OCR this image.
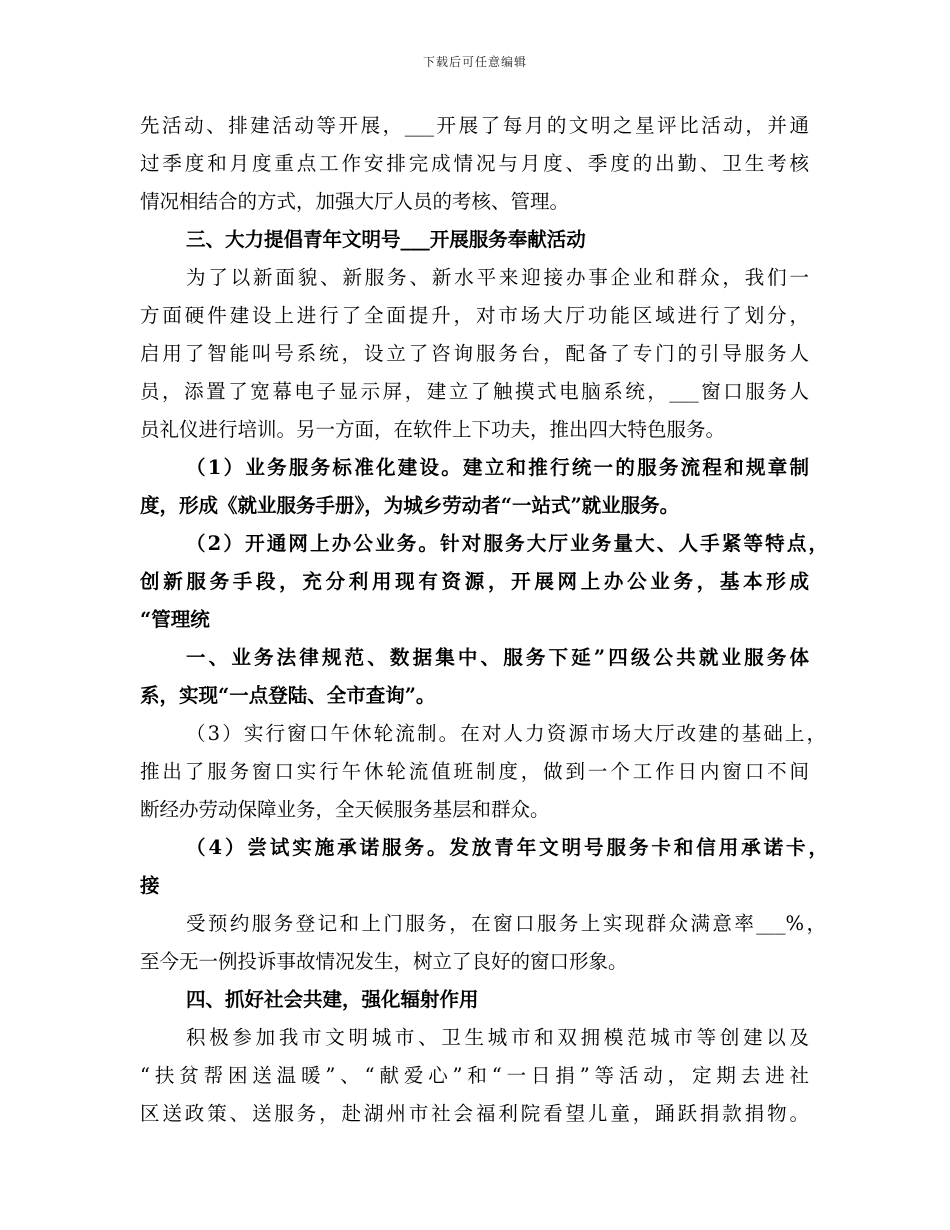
下载后可任意编辑
先活动、排建活动等开展，___开展了每月的文明之星评比活动，并通
过季度和月度重点工作安排完成情况与月度、季度的出勤、卫生考核
情况相结合的方式，加强大厅人员的考核、管理。
三、大力提倡青年文明号___开展服务奉献活动
为了以新面貌、新服务、新水平来迎接办事企业和群众，我们一
方面硬件建设上进行了全面提升，对市场大厅功能区域进行了划分，
启用了智能叫号系统，设立了咨询服务台，配备了专门的引导服务人
员，添置了宽幕电子显示屏，建立了触摸式电脑系统，___窗口服务人
员礼仪进行培训。另一方面，在软件上下功夫，推出四大特色服务。
（1）业务服务标准化建设。建立和推行统一的服务流程和规章制
度，形成《就业服务手册》，为城乡劳动者“一站式”就业服务。
（2）开通网上办公业务。针对服务大厅业务量大、人手紧等特点，
创新服务手段，充分利用现有资源，开展网上办公业务，基本形成
“管理统
一、业务法律规范、数据集中、服务下延”四级公共就业服务体
系，实现“一点登陆、全市查询”。
（3）实行窗口午休轮流制。在对人力资源市场大厅改建的基础上，
推出了服务窗口实行午休轮流值班制度，做到一个工作日内窗口不间
断经办劳动保障业务，全天候服务基层和群众。
（4）尝试实施承诺服务。发放青年文明号服务卡和信用承诺卡，
接
受预约服务登记和上门服务，在窗口服务上实现群众满意率___%，
至今无一例投诉事故情况发生，树立了良好的窗口形象。
四、抓好社会共建，强化辐射作用
积极参加我市文明城市、卫生城市和双拥模范城市等创建以及
“扶贫帮困送温暖”、“献爱心”和“一日捐”等活动，定期去进社
区送政策、送服务，赴湖州市社会福利院看望儿童，踊跃捐款捐物。
